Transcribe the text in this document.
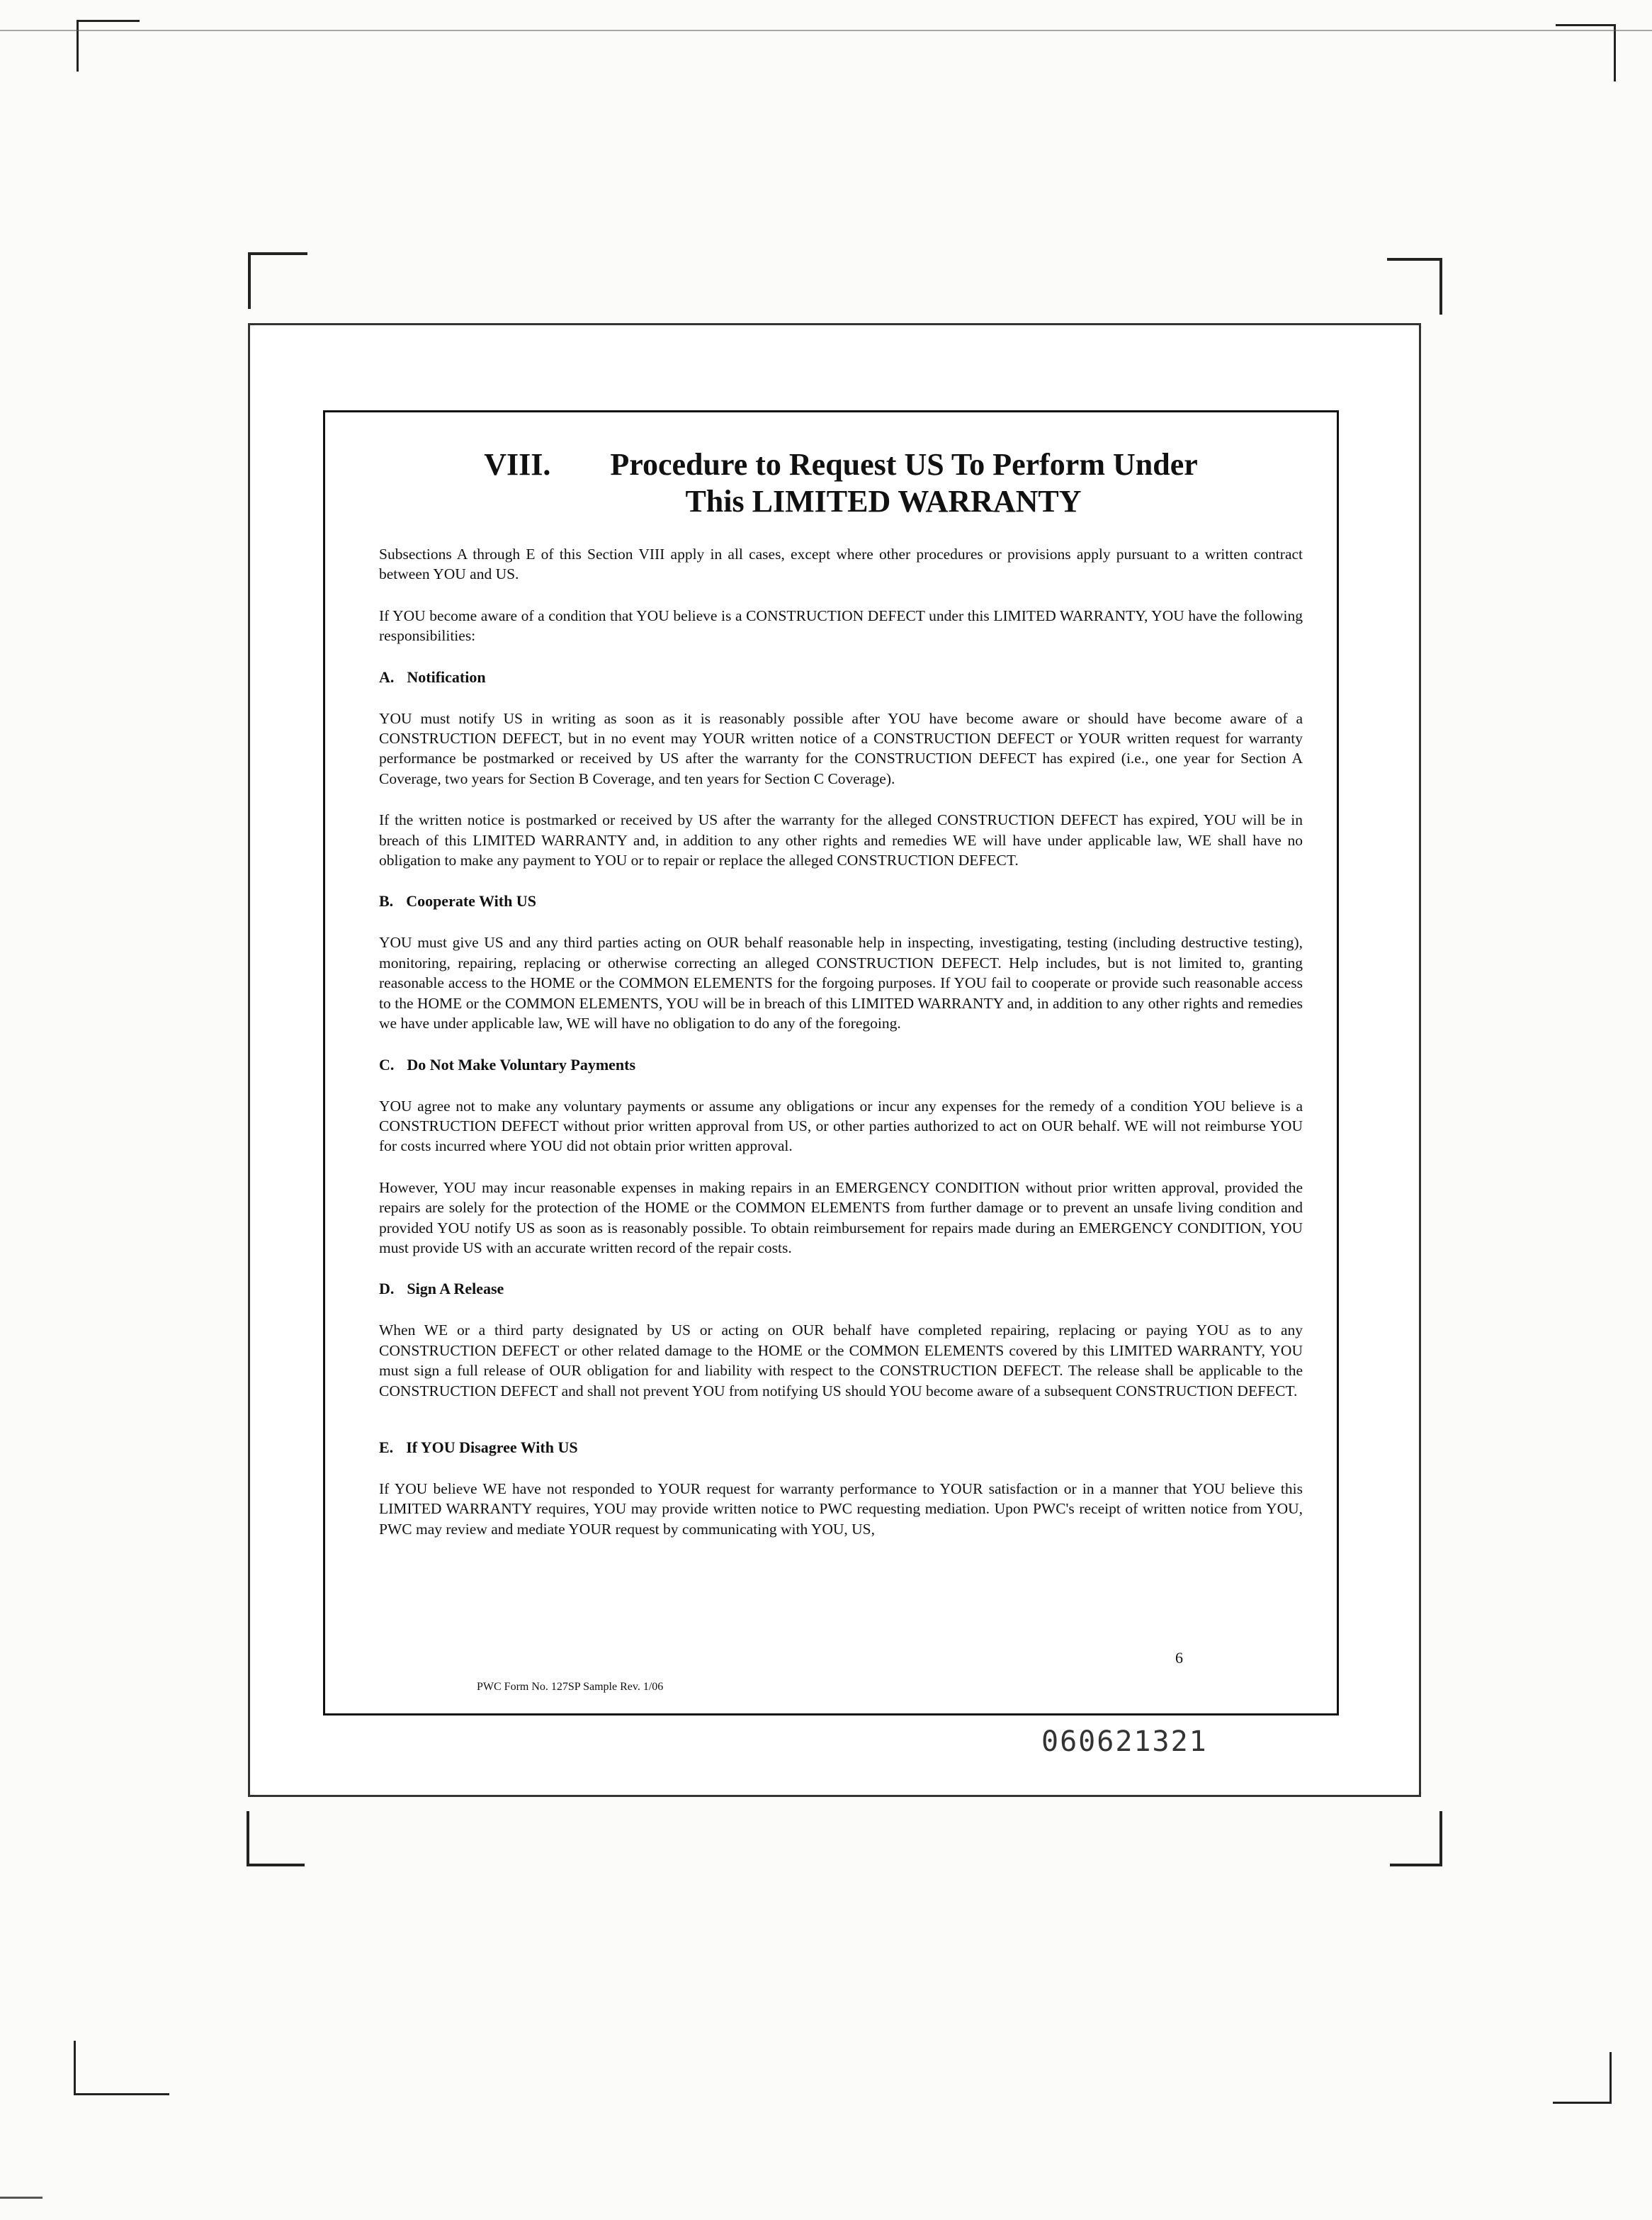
VIII. Procedure to Request US To Perform Under
This LIMITED WARRANTY

Subsections A through E of this Section VIII apply in all cases, except where other procedures or provisions apply pursuant to a written contract between YOU and US.

If YOU become aware of a condition that YOU believe is a CONSTRUCTION DEFECT under this LIMITED WARRANTY, YOU have the following responsibilities:

A. Notification

YOU must notify US in writing as soon as it is reasonably possible after YOU have become aware or should have become aware of a CONSTRUCTION DEFECT, but in no event may YOUR written notice of a CONSTRUCTION DEFECT or YOUR written request for warranty performance be postmarked or received by US after the warranty for the CONSTRUCTION DEFECT has expired (i.e., one year for Section A Coverage, two years for Section B Coverage, and ten years for Section C Coverage).

If the written notice is postmarked or received by US after the warranty for the alleged CONSTRUCTION DEFECT has expired, YOU will be in breach of this LIMITED WARRANTY and, in addition to any other rights and remedies WE will have under applicable law, WE shall have no obligation to make any payment to YOU or to repair or replace the alleged CONSTRUCTION DEFECT.

B. Cooperate With US

YOU must give US and any third parties acting on OUR behalf reasonable help in inspecting, investigating, testing (including destructive testing), monitoring, repairing, replacing or otherwise correcting an alleged CONSTRUCTION DEFECT. Help includes, but is not limited to, granting reasonable access to the HOME or the COMMON ELEMENTS for the forgoing purposes. If YOU fail to cooperate or provide such reasonable access to the HOME or the COMMON ELEMENTS, YOU will be in breach of this LIMITED WARRANTY and, in addition to any other rights and remedies we have under applicable law, WE will have no obligation to do any of the foregoing.

C. Do Not Make Voluntary Payments

YOU agree not to make any voluntary payments or assume any obligations or incur any expenses for the remedy of a condition YOU believe is a CONSTRUCTION DEFECT without prior written approval from US, or other parties authorized to act on OUR behalf. WE will not reimburse YOU for costs incurred where YOU did not obtain prior written approval.

However, YOU may incur reasonable expenses in making repairs in an EMERGENCY CONDITION without prior written approval, provided the repairs are solely for the protection of the HOME or the COMMON ELEMENTS from further damage or to prevent an unsafe living condition and provided YOU notify US as soon as is reasonably possible. To obtain reimbursement for repairs made during an EMERGENCY CONDITION, YOU must provide US with an accurate written record of the repair costs.

D. Sign A Release

When WE or a third party designated by US or acting on OUR behalf have completed repairing, replacing or paying YOU as to any CONSTRUCTION DEFECT or other related damage to the HOME or the COMMON ELEMENTS covered by this LIMITED WARRANTY, YOU must sign a full release of OUR obligation for and liability with respect to the CONSTRUCTION DEFECT. The release shall be applicable to the CONSTRUCTION DEFECT and shall not prevent YOU from notifying US should YOU become aware of a subsequent CONSTRUCTION DEFECT.

E. If YOU Disagree With US

If YOU believe WE have not responded to YOUR request for warranty performance to YOUR satisfaction or in a manner that YOU believe this LIMITED WARRANTY requires, YOU may provide written notice to PWC requesting mediation. Upon PWC's receipt of written notice from YOU, PWC may review and mediate YOUR request by communicating with YOU, US,

6
PWC Form No. 127SP Sample Rev. 1/06
060621321
